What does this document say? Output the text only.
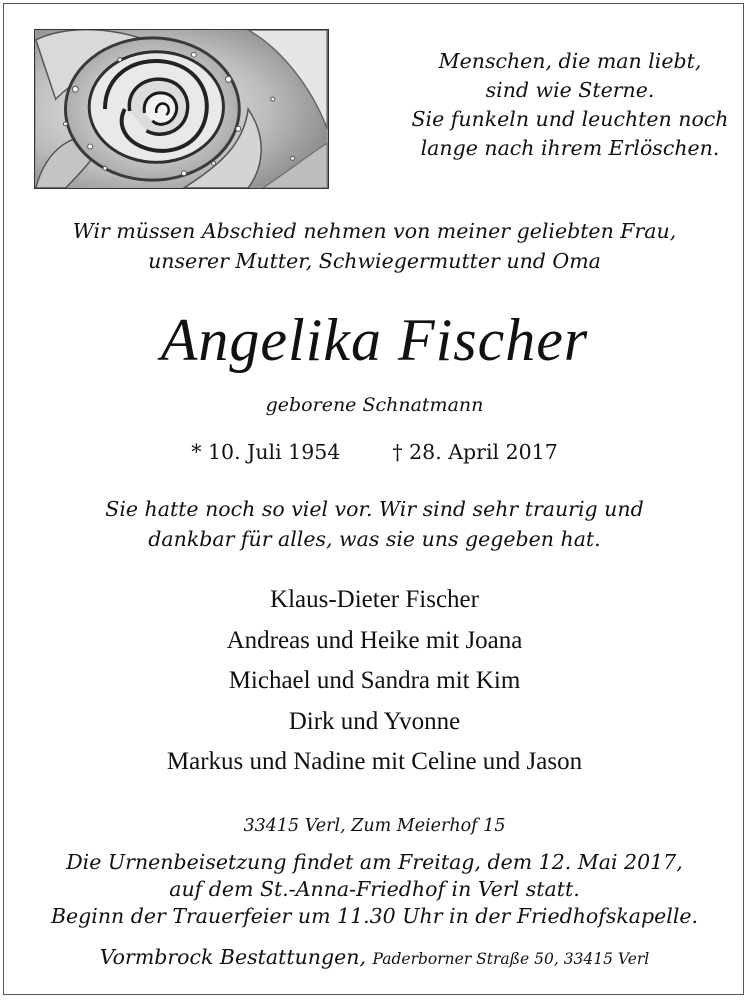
Menschen, die man liebt,
sind wie Sterne.
Sie funkeln und leuchten noch
lange nach ihrem Erlöschen.
Wir müssen Abschied nehmen von meiner geliebten Frau,
unserer Mutter, Schwiegermutter und Oma
Angelika Fischer
geborene Schnatmann
* 10. Juli 1954	† 28. April 2017
Sie hatte noch so viel vor. Wir sind sehr traurig und
dankbar für alles, was sie uns gegeben hat.
Klaus-Dieter Fischer
Andreas und Heike mit Joana
Michael und Sandra mit Kim
Dirk und Yvonne
Markus und Nadine mit Celine und Jason
33415 Verl, Zum Meierhof 15
Die Urnenbeisetzung findet am Freitag, dem 12. Mai 2017,
auf dem St.-Anna-Friedhof in Verl statt.
Beginn der Trauerfeier um 11.30 Uhr in der Friedhofskapelle.
Vormbrock Bestattungen, Paderborner Straße 50, 33415 Verl
